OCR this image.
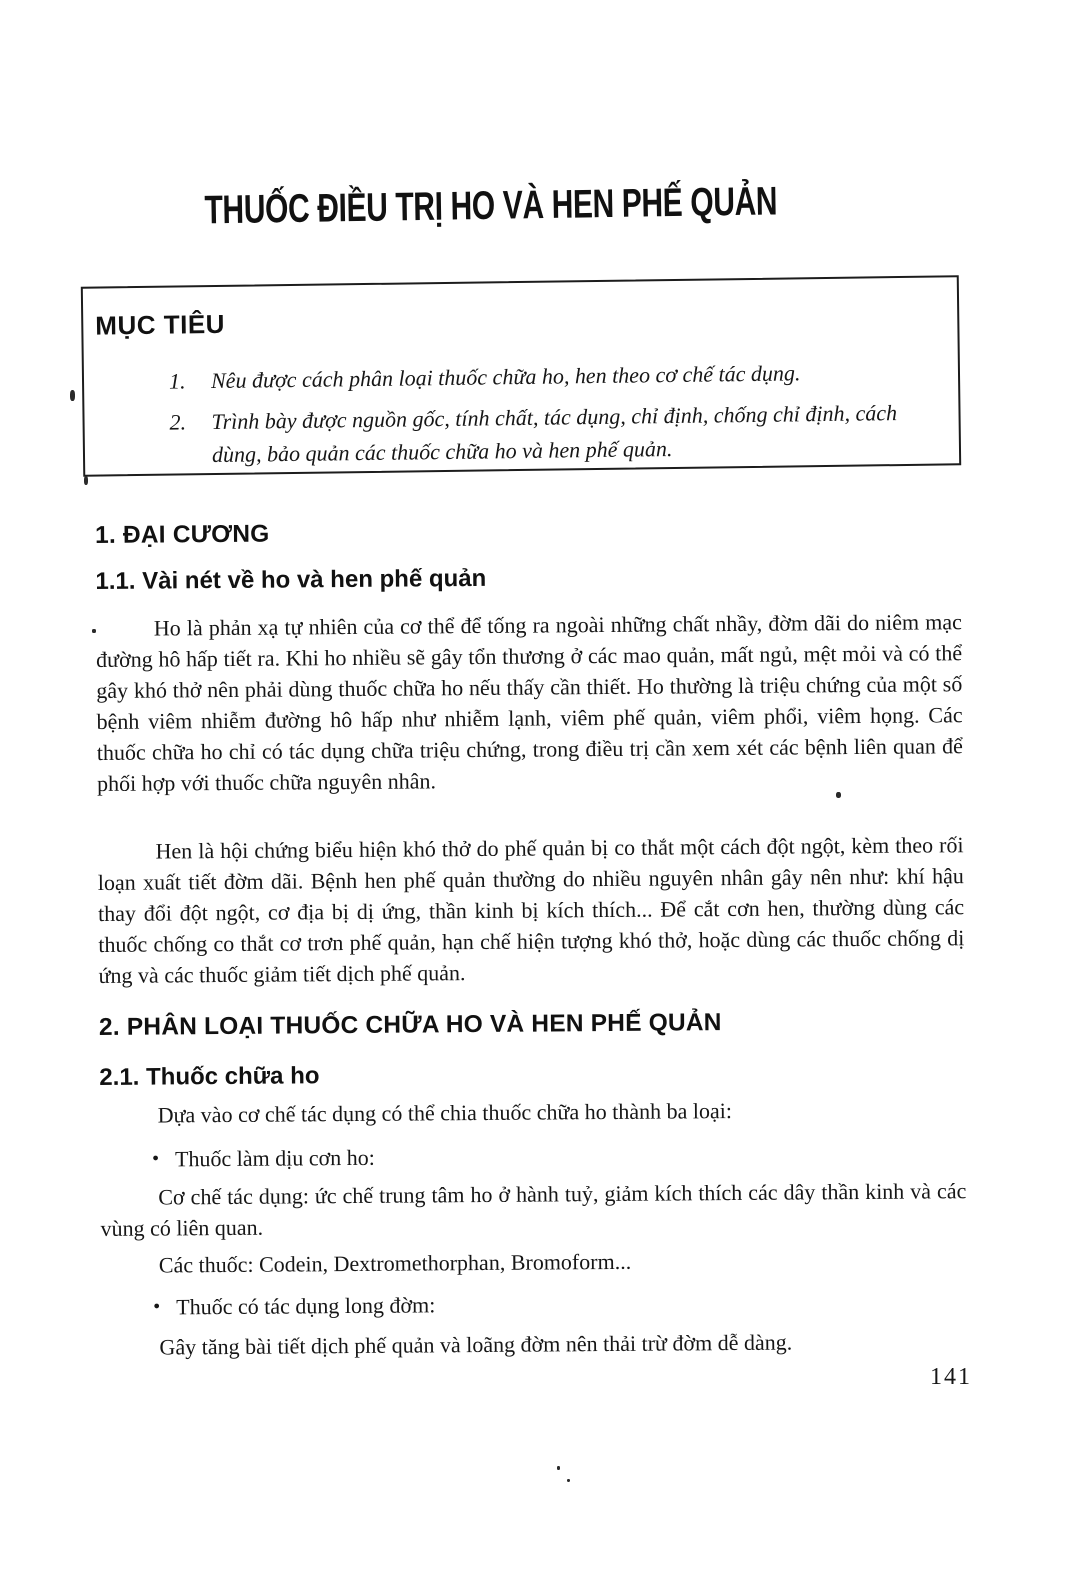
THUỐC ĐIỀU TRỊ HO VÀ HEN PHẾ QUẢN
MỤC TIÊU
1.	Nêu được cách phân loại thuốc chữa ho, hen theo cơ chế tác dụng.
2.	Trình bày được nguồn gốc, tính chất, tác dụng, chỉ định, chống chỉ định, cách dùng, bảo quản các thuốc chữa ho và hen phế quản.
1. ĐẠI CƯƠNG
1.1. Vài nét về ho và hen phế quản
Ho là phản xạ tự nhiên của cơ thể để tống ra ngoài những chất nhầy, đờm dãi do niêm mạc đường hô hấp tiết ra. Khi ho nhiều sẽ gây tổn thương ở các mao quản, mất ngủ, mệt mỏi và có thể gây khó thở nên phải dùng thuốc chữa ho nếu thấy cần thiết. Ho thường là triệu chứng của một số bệnh viêm nhiễm đường hô hấp như nhiễm lạnh, viêm phế quản, viêm phổi, viêm họng. Các thuốc chữa ho chỉ có tác dụng chữa triệu chứng, trong điều trị cần xem xét các bệnh liên quan để phối hợp với thuốc chữa nguyên nhân.
Hen là hội chứng biểu hiện khó thở do phế quản bị co thắt một cách đột ngột, kèm theo rối loạn xuất tiết đờm dãi. Bệnh hen phế quản thường do nhiều nguyên nhân gây nên như: khí hậu thay đổi đột ngột, cơ địa bị dị ứng, thần kinh bị kích thích... Để cắt cơn hen, thường dùng các thuốc chống co thắt cơ trơn phế quản, hạn chế hiện tượng khó thở, hoặc dùng các thuốc chống dị ứng và các thuốc giảm tiết dịch phế quản.
2. PHÂN LOẠI THUỐC CHỮA HO VÀ HEN PHẾ QUẢN
2.1. Thuốc chữa ho
Dựa vào cơ chế tác dụng có thể chia thuốc chữa ho thành ba loại:
• Thuốc làm dịu cơn ho:
Cơ chế tác dụng: ức chế trung tâm ho ở hành tuỷ, giảm kích thích các dây thần kinh và các vùng có liên quan.
Các thuốc: Codein, Dextromethorphan, Bromoform...
• Thuốc có tác dụng long đờm:
Gây tăng bài tiết dịch phế quản và loãng đờm nên thải trừ đờm dễ dàng.
141
